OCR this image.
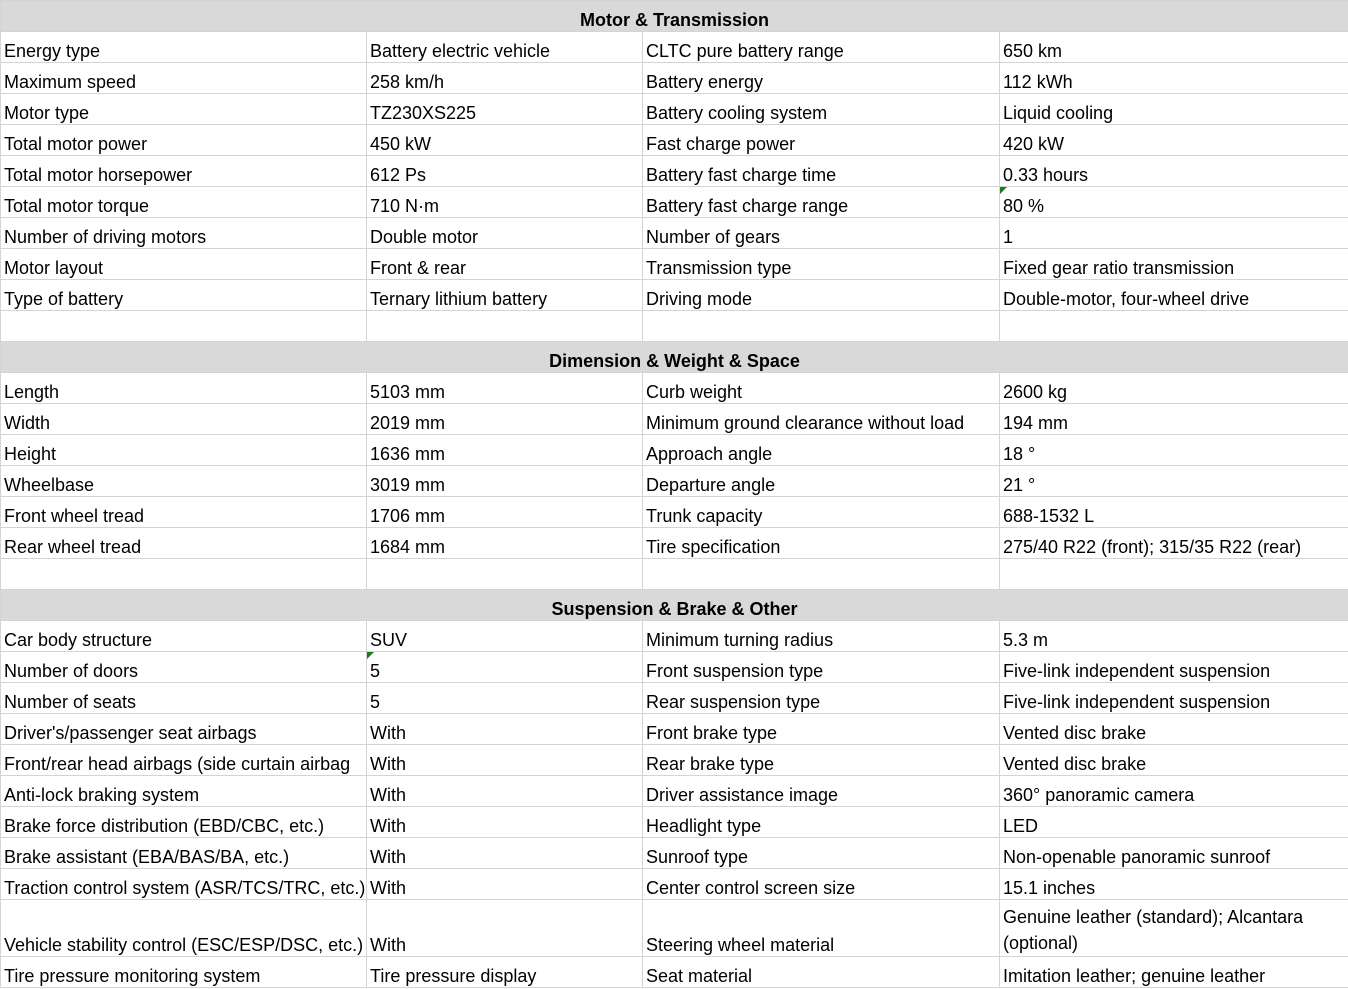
Motor & Transmission			
Energy type	Battery electric vehicle	CLTC pure battery range	650 km
Maximum speed	258 km/h	Battery energy	112 kWh
Motor type	TZ230XS225	Battery cooling system	Liquid cooling
Total motor power	450 kW	Fast charge power	420 kW
Total motor horsepower	612 Ps	Battery fast charge time	0.33 hours
Total motor torque	710 N·m	Battery fast charge range	80 %
Number of driving motors	Double motor	Number of gears	1
Motor layout	Front & rear	Transmission type	Fixed gear ratio transmission
Type of battery	Ternary lithium battery	Driving mode	Double-motor, four-wheel drive

Dimension & Weight & Space			
Length	5103 mm	Curb weight	2600 kg
Width	2019 mm	Minimum ground clearance without load	194 mm
Height	1636 mm	Approach angle	18 °
Wheelbase	3019 mm	Departure angle	21 °
Front wheel tread	1706 mm	Trunk capacity	688-1532 L
Rear wheel tread	1684 mm	Tire specification	275/40 R22 (front); 315/35 R22 (rear)

Suspension & Brake & Other			
Car body structure	SUV	Minimum turning radius	5.3 m
Number of doors	5	Front suspension type	Five-link independent suspension
Number of seats	5	Rear suspension type	Five-link independent suspension
Driver's/passenger seat airbags	With	Front brake type	Vented disc brake
Front/rear head airbags (side curtain airbag	With	Rear brake type	Vented disc brake
Anti-lock braking system	With	Driver assistance image	360° panoramic camera
Brake force distribution (EBD/CBC, etc.)	With	Headlight type	LED
Brake assistant (EBA/BAS/BA, etc.)	With	Sunroof type	Non-openable panoramic sunroof
Traction control system (ASR/TCS/TRC, etc.)	With	Center control screen size	15.1 inches
Vehicle stability control (ESC/ESP/DSC, etc.)	With	Steering wheel material	Genuine leather (standard); Alcantara (optional)
Tire pressure monitoring system	Tire pressure display	Seat material	Imitation leather; genuine leather
